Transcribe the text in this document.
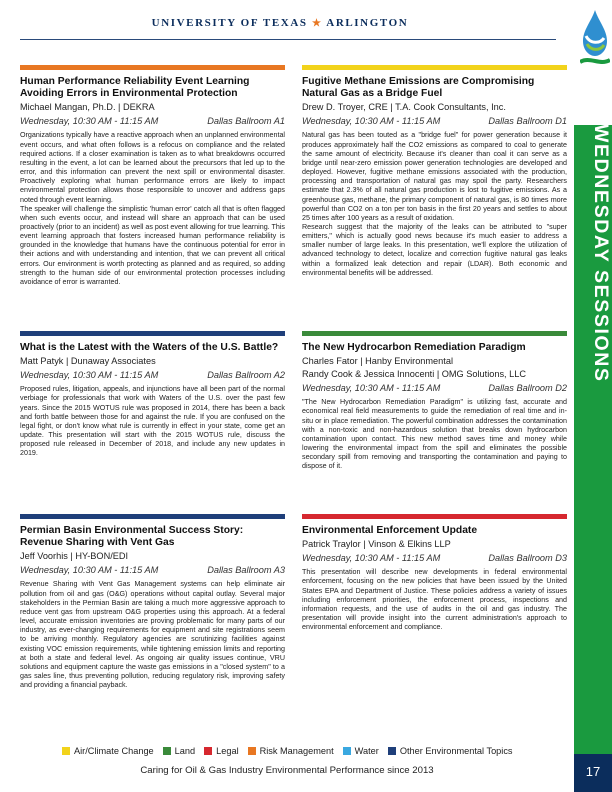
UNIVERSITY OF TEXAS ★ ARLINGTON
WEDNESDAY SESSIONS
17
Human Performance Reliability Event Learning Avoiding Errors in Environmental Protection
Michael Mangan, Ph.D. | DEKRA
Wednesday, 10:30 AM - 11:15 AM	Dallas Ballroom A1

Organizations typically have a reactive approach when an unplanned environmental event occurs, and what often follows is a refocus on compliance and the related required actions. If a closer examination is taken as to what breakdowns occurred resulting in the event, a lot can be learned about the precursors that led up to the error, and this information can prevent the next spill or environmental disaster. Proactively exploring what human performance errors are likely to impact environmental protection allows those responsible to uncover and address gaps noted through event learning.

The speaker will challenge the simplistic 'human error' catch all that is often flagged when such events occur, and instead will share an approach that can be used proactively (prior to an incident) as well as post event allowing for true learning. This event learning approach that fosters increased human performance reliability is grounded in the knowledge that humans have the continuous potential for error in their actions and with understanding and intention, that we can prevent all critical errors. Our environment is worth protecting as planned and as required, so adding strength to the human side of our environmental protection processes including avoidance of error is warranted.

What is the Latest with the Waters of the U.S. Battle?
Matt Patyk | Dunaway Associates
Wednesday, 10:30 AM - 11:15 AM	Dallas Ballroom A2

Proposed rules, litigation, appeals, and injunctions have all been part of the normal verbiage for professionals that work with Waters of the U.S. over the past few years. Since the 2015 WOTUS rule was proposed in 2014, there has been a back and forth battle between those for and against the rule. If you are confused on the legal fight, or don't know what rule is currently in effect in your state, come get an update. This presentation will start with the 2015 WOTUS rule, discuss the proposed rule released in December of 2018, and include any new updates in 2019.

Permian Basin Environmental Success Story: Revenue Sharing with Vent Gas
Jeff Voorhis | HY-BON/EDI
Wednesday, 10:30 AM - 11:15 AM	Dallas Ballroom A3

Revenue Sharing with Vent Gas Management systems can help eliminate air pollution from oil and gas (O&G) operations without capital outlay. Several major stakeholders in the Permian Basin are taking a much more aggressive approach to reduce vent gas from upstream O&G properties using this approach. At a federal level, accurate emission inventories are proving problematic for many parts of our industry, as ever-changing requirements for equipment and site registrations seem to be arriving monthly. Regulatory agencies are scrutinizing facilities against existing VOC emission requirements, while tightening emission limits and reporting at both a state and federal level. As ongoing air quality issues continue, VRU solutions and equipment capture the waste gas emissions in a "closed system" to a gas sales line, thus preventing pollution, reducing regulatory risk, improving safety and providing a financial payback.

Fugitive Methane Emissions are Compromising Natural Gas as a Bridge Fuel
Drew D. Troyer, CRE | T.A. Cook Consultants, Inc.
Wednesday, 10:30 AM - 11:15 AM	Dallas Ballroom D1

Natural gas has been touted as a "bridge fuel" for power generation because it produces approximately half the CO2 emissions as compared to coal to generate the same amount of electricity. Because it's cleaner than coal it can serve as a bridge until near-zero emission power generation technologies are developed and deployed. However, fugitive methane emissions associated with the production, processing and transportation of natural gas may spoil the party. Researchers estimate that 2.3% of all natural gas production is lost to fugitive emissions. As a greenhouse gas, methane, the primary component of natural gas, is 80 times more powerful than CO2 on a ton per ton basis in the first 20 years and settles to about 25 times after 100 years as a result of oxidation.

Research suggest that the majority of the leaks can be attributed to "super emitters," which is actually good news because it's much easier to address a smaller number of large leaks. In this presentation, we'll explore the utilization of advanced technology to detect, localize and correction fugitive natural gas leaks within a formalized leak detection and repair (LDAR). Both economic and environmental benefits will be addressed.

The New Hydrocarbon Remediation Paradigm
Charles Fator | Hanby Environmental
Randy Cook & Jessica Innocenti | OMG Solutions, LLC
Wednesday, 10:30 AM - 11:15 AM	Dallas Ballroom D2

"The New Hydrocarbon Remediation Paradigm" is utilizing fast, accurate and economical real field measurements to guide the remediation of real time and in-situ or in place remediation. The powerful combination addresses the contamination with a non-toxic and non-hazardous solution that breaks down hydrocarbon contamination upon contact. This new method saves time and money while lowering the environmental impact from the spill and eliminates the possible secondary spill from removing and transporting the contamination and paying to dispose of it.

Environmental Enforcement Update
Patrick Traylor | Vinson & Elkins LLP
Wednesday, 10:30 AM - 11:15 AM	Dallas Ballroom D3

This presentation will describe new developments in federal environmental enforcement, focusing on the new policies that have been issued by the United States EPA and Department of Justice. These policies address a variety of issues including enforcement priorities, the enforcement process, inspections and information requests, and the use of audits in the oil and gas industry. The presentation will provide insight into the current administration's approach to environmental enforcement and compliance.

Air/Climate Change Land Legal Risk Management Water Other Environmental Topics
Caring for Oil & Gas Industry Environmental Performance since 2013
